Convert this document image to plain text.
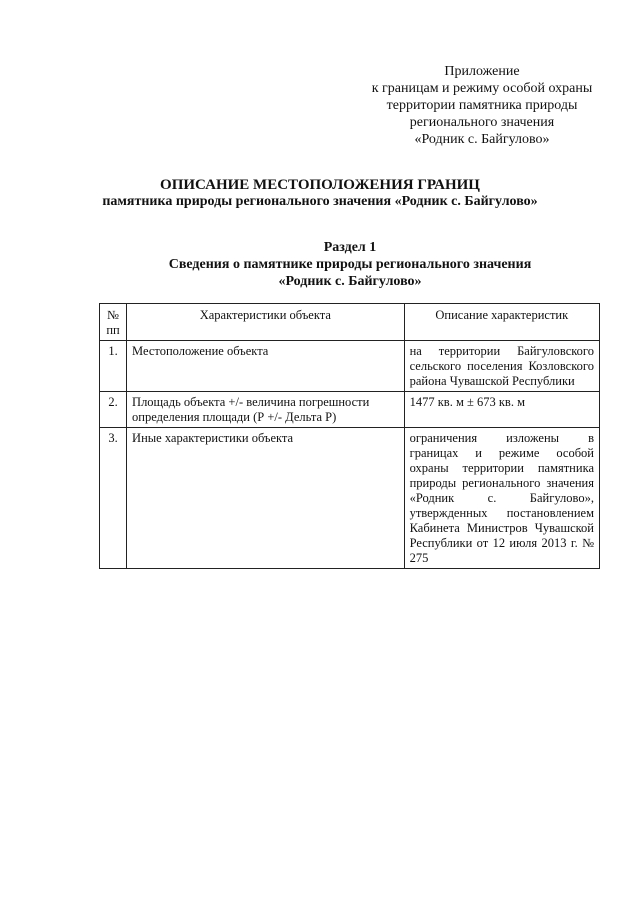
Приложение
к границам и режиму особой охраны
территории памятника природы
регионального значения
«Родник с. Байгулово»
ОПИСАНИЕ МЕСТОПОЛОЖЕНИЯ ГРАНИЦ
памятника природы регионального значения «Родник с. Байгулово»
Раздел 1
Сведения о памятнике природы регионального значения
«Родник с. Байгулово»
№ пп	Характеристики объекта	Описание характеристик
1.	Местоположение объекта	на территории Байгуловского сельского поселения Козловского района Чувашской Республики
2.	Площадь объекта +/- величина погрешности определения площади (Р +/- Дельта Р)	1477 кв. м ± 673 кв. м
3.	Иные характеристики объекта	ограничения изложены в границах и режиме особой охраны территории памятника природы регионального значения «Родник с. Байгулово», утвержденных постановлением Кабинета Министров Чувашской Республики от 12 июля 2013 г. № 275
